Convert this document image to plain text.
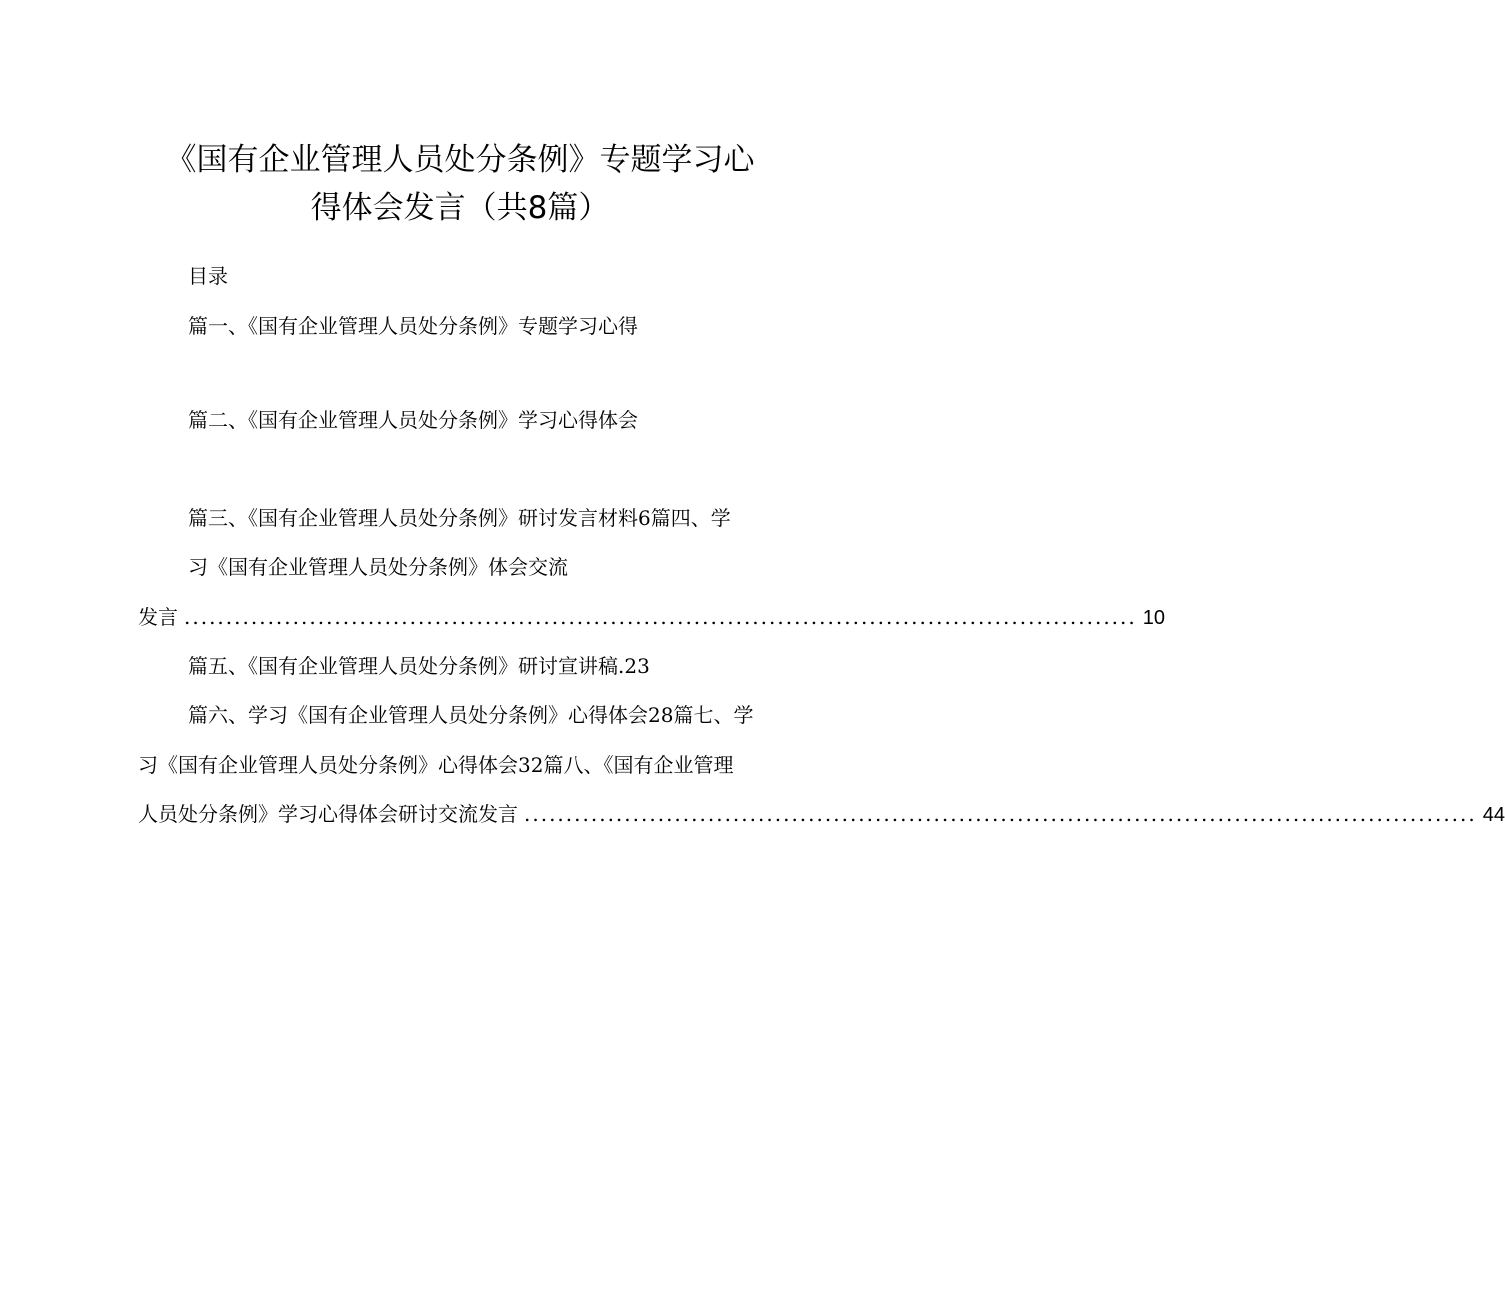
《国有企业管理人员处分条例》专题学习心
得体会发言（共8篇）
目录
篇一、《国有企业管理人员处分条例》专题学习心得
篇二、《国有企业管理人员处分条例》学习心得体会
篇三、《国有企业管理人员处分条例》研讨发言材料6篇四、学
习《国有企业管理人员处分条例》体会交流
发言 .................................................................................................................. 10
篇五、《国有企业管理人员处分条例》研讨宣讲稿.23
篇六、学习《国有企业管理人员处分条例》心得体会28篇七、学
习《国有企业管理人员处分条例》心得体会32篇八、《国有企业管理
人员处分条例》学习心得体会研讨交流发言 .................................................................................................................. 44
